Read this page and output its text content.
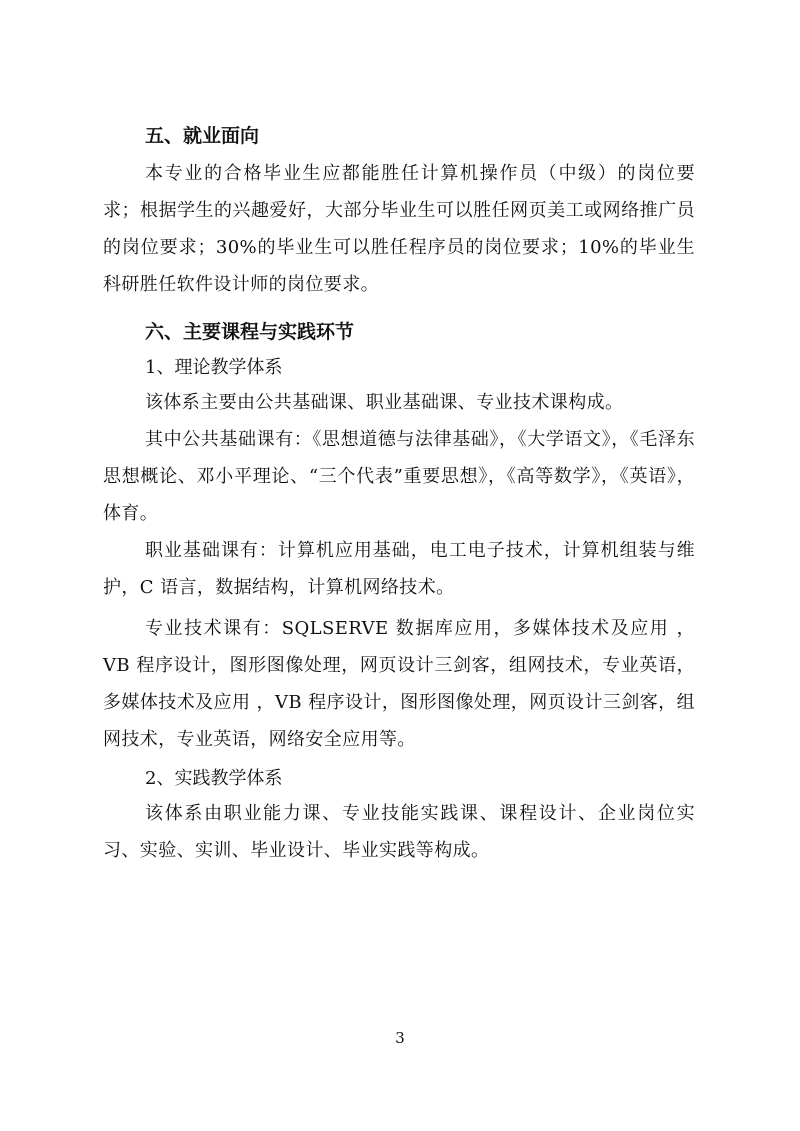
五、就业面向

本专业的合格毕业生应都能胜任计算机操作员（中级）的岗位要求；根据学生的兴趣爱好，大部分毕业生可以胜任网页美工或网络推广员的岗位要求；30%的毕业生可以胜任程序员的岗位要求；10%的毕业生科研胜任软件设计师的岗位要求。

六、主要课程与实践环节

1、理论教学体系

该体系主要由公共基础课、职业基础课、专业技术课构成。

其中公共基础课有：《思想道德与法律基础》，《大学语文》，《毛泽东思想概论、邓小平理论、“三个代表”重要思想》，《高等数学》，《英语》，体育。

职业基础课有：计算机应用基础，电工电子技术，计算机组装与维护，C 语言，数据结构，计算机网络技术。

专业技术课有：SQLSERVE 数据库应用，多媒体技术及应用 ，VB 程序设计，图形图像处理，网页设计三剑客，组网技术，专业英语，多媒体技术及应用 ，VB 程序设计，图形图像处理，网页设计三剑客，组网技术，专业英语，网络安全应用等。

2、实践教学体系

该体系由职业能力课、专业技能实践课、课程设计、企业岗位实习、实验、实训、毕业设计、毕业实践等构成。

3
